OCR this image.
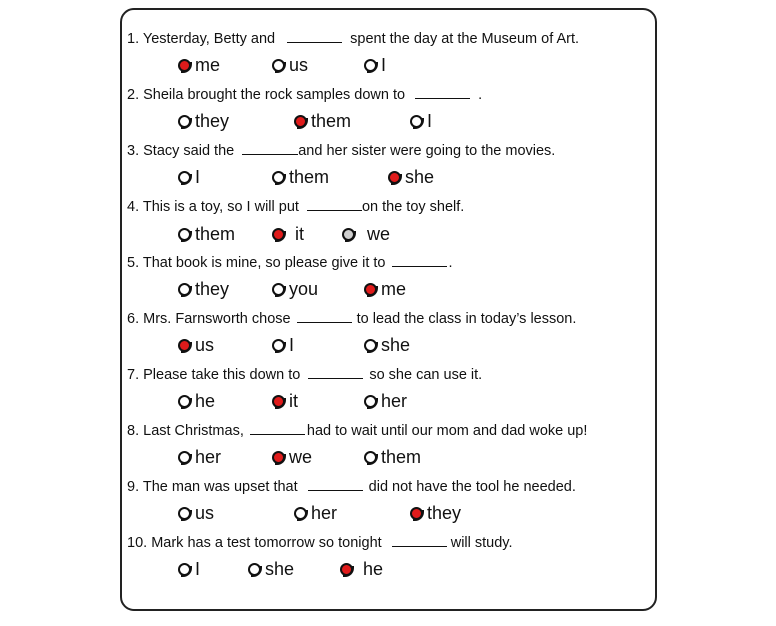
1. Yesterday, Betty and	spent the day at the Museum of Art.
me	us	I
2. Sheila brought the rock samples down to	.
they	them	I
3. Stacy said the	and her sister were going to the movies.
I	them	she
4. This is a toy, so I will put	on the toy shelf.
them	it	we
5. That book is mine, so please give it to	.
they	you	me
6. Mrs. Farnsworth chose	to lead the class in today’s lesson.
us	I	she
7. Please take this down to	so she can use it.
he	it	her
8. Last Christmas,	had to wait until our mom and dad woke up!
her	we	them
9. The man was upset that	did not have the tool he needed.
us	her	they
10. Mark has a test tomorrow so tonight	will study.
I	she	he
